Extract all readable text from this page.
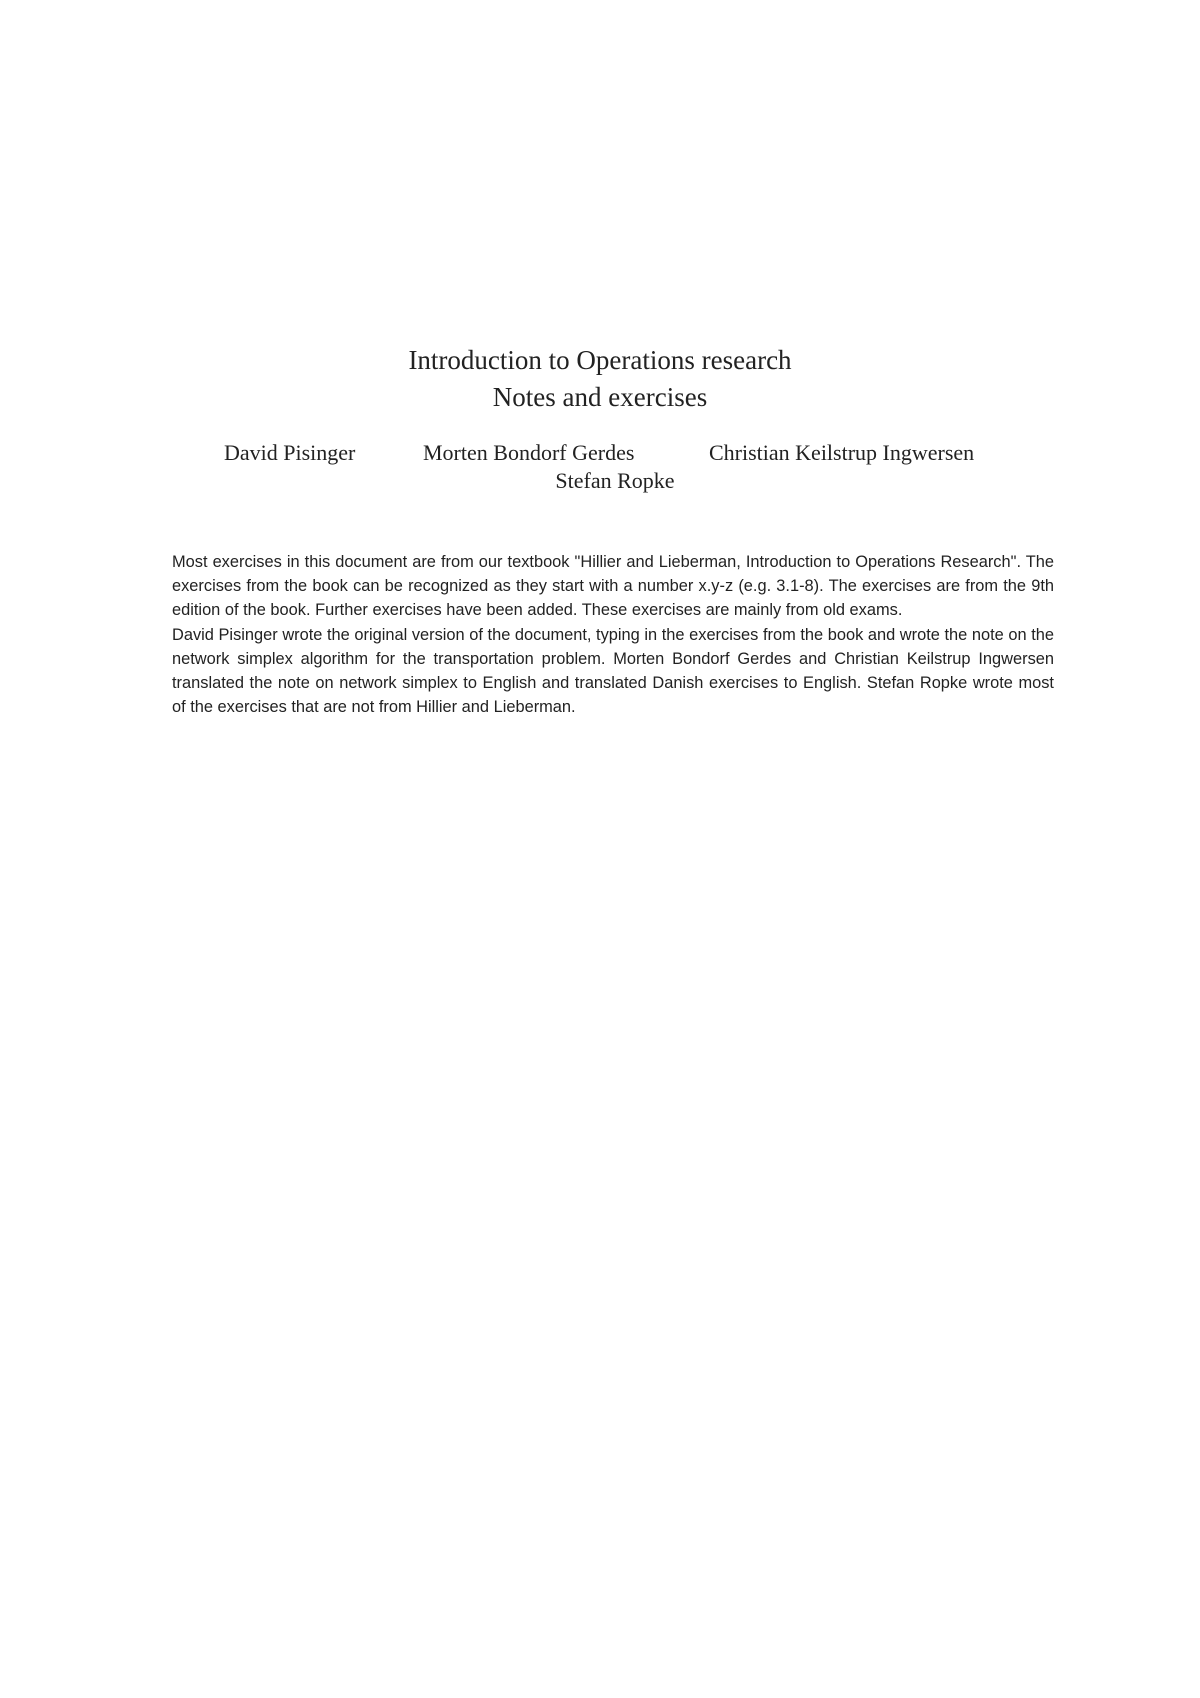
Introduction to Operations research
Notes and exercises
David Pisinger	Morten Bondorf Gerdes	Christian Keilstrup Ingwersen
Stefan Ropke

Most exercises in this document are from our textbook "Hillier and Lieberman, Introduction to Operations Research". The exercises from the book can be recognized as they start with a number x.y-z (e.g. 3.1-8). The exercises are from the 9th edition of the book. Further exercises have been added. These exercises are mainly from old exams.

David Pisinger wrote the original version of the document, typing in the exercises from the book and wrote the note on the network simplex algorithm for the transportation problem. Morten Bondorf Gerdes and Christian Keilstrup Ingwersen translated the note on network simplex to English and translated Danish exercises to English. Stefan Ropke wrote most of the exercises that are not from Hillier and Lieberman.
